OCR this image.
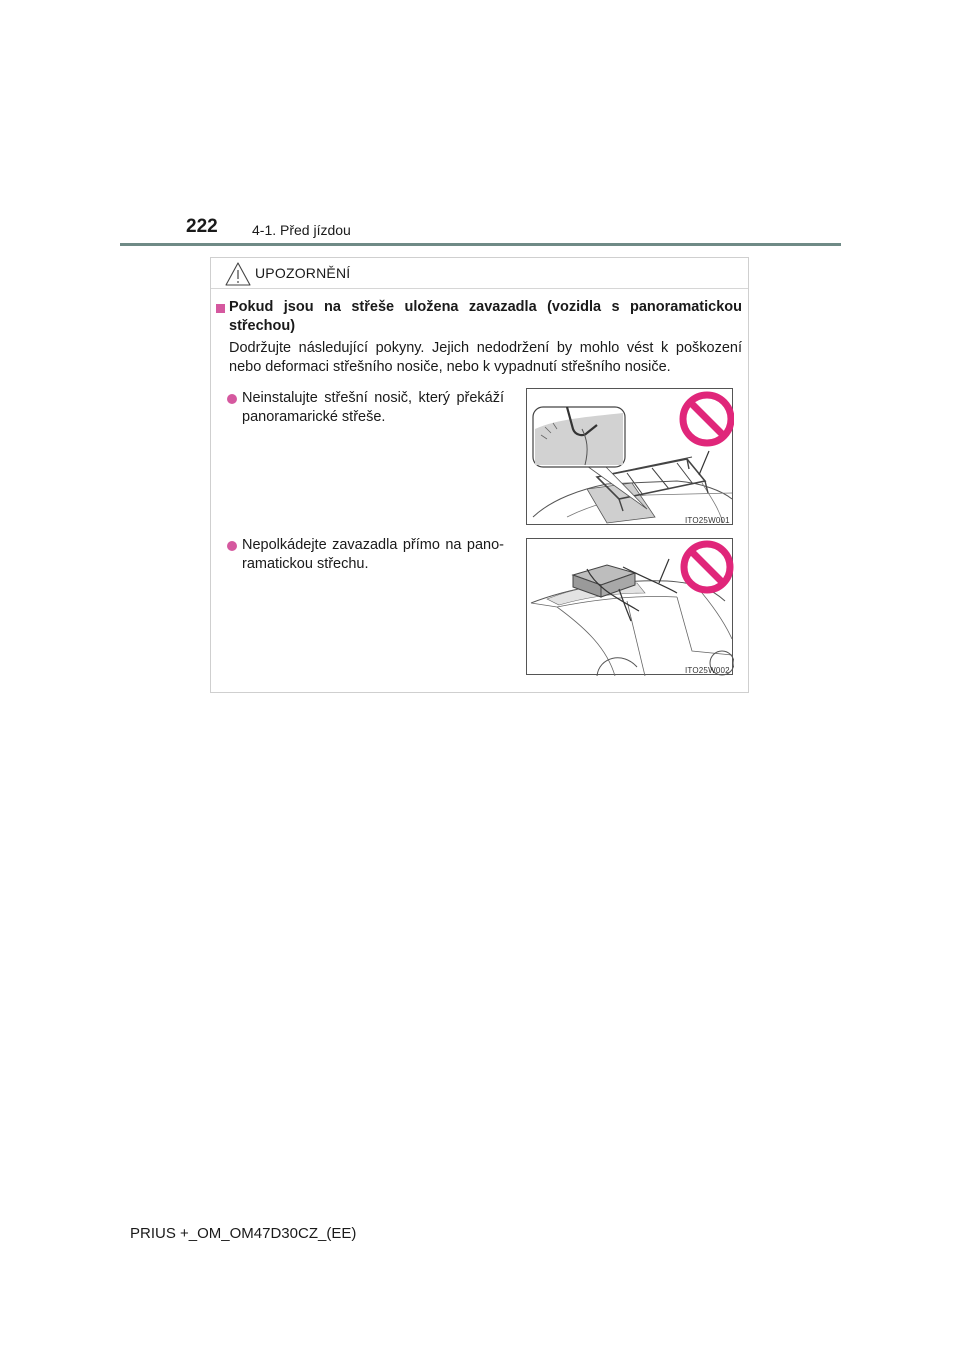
222 4-1. Před jízdou
UPOZORNĚNÍ
Pokud jsou na střeše uložena zavazadla (vozidla s panoramatickou střechou)
Dodržujte následující pokyny. Jejich nedodržení by mohlo vést k poškození nebo deformaci střešního nosiče, nebo k vypadnutí střešního nosiče.
Neinstalujte střešní nosič, který překáží panoramarické střeše.
ITO25W001
Nepolkádejte zavazadla přímo na pano-ramatickou střechu.
ITO25W002
PRIUS +_OM_OM47D30CZ_(EE)
